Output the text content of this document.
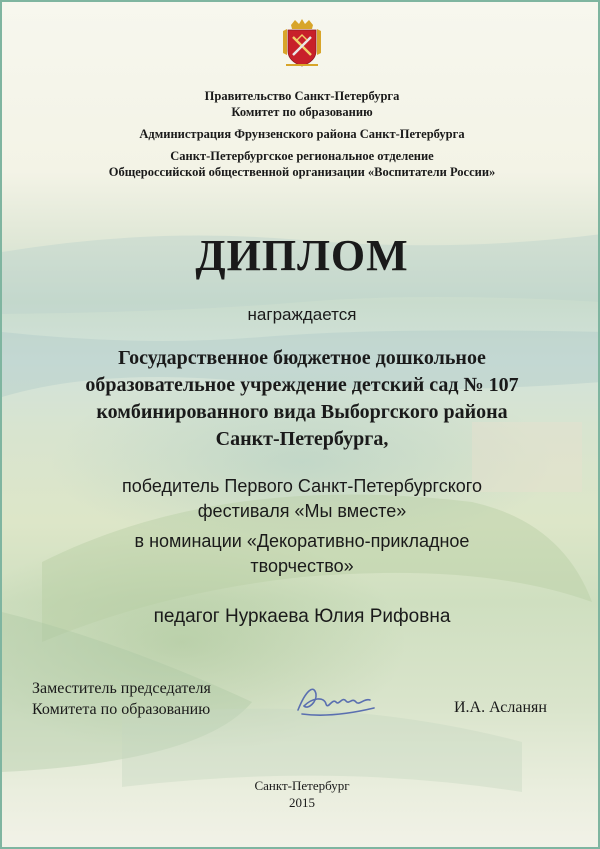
Правительство Санкт-Петербурга
Комитет по образованию
Администрация Фрунзенского района Санкт-Петербурга
Санкт-Петербургское региональное отделение
Общероссийской общественной организации «Воспитатели России»
ДИПЛОМ
награждается
Государственное бюджетное дошкольное
образовательное учреждение детский сад № 107
комбинированного вида Выборгского района
Санкт-Петербурга,
победитель Первого Санкт-Петербургского
фестиваля «Мы вместе»
в номинации «Декоративно-прикладное
творчество»
педагог Нуркаева Юлия Рифовна
Заместитель председателя
Комитета по образованию	И.А. Асланян
Санкт-Петербург
2015
